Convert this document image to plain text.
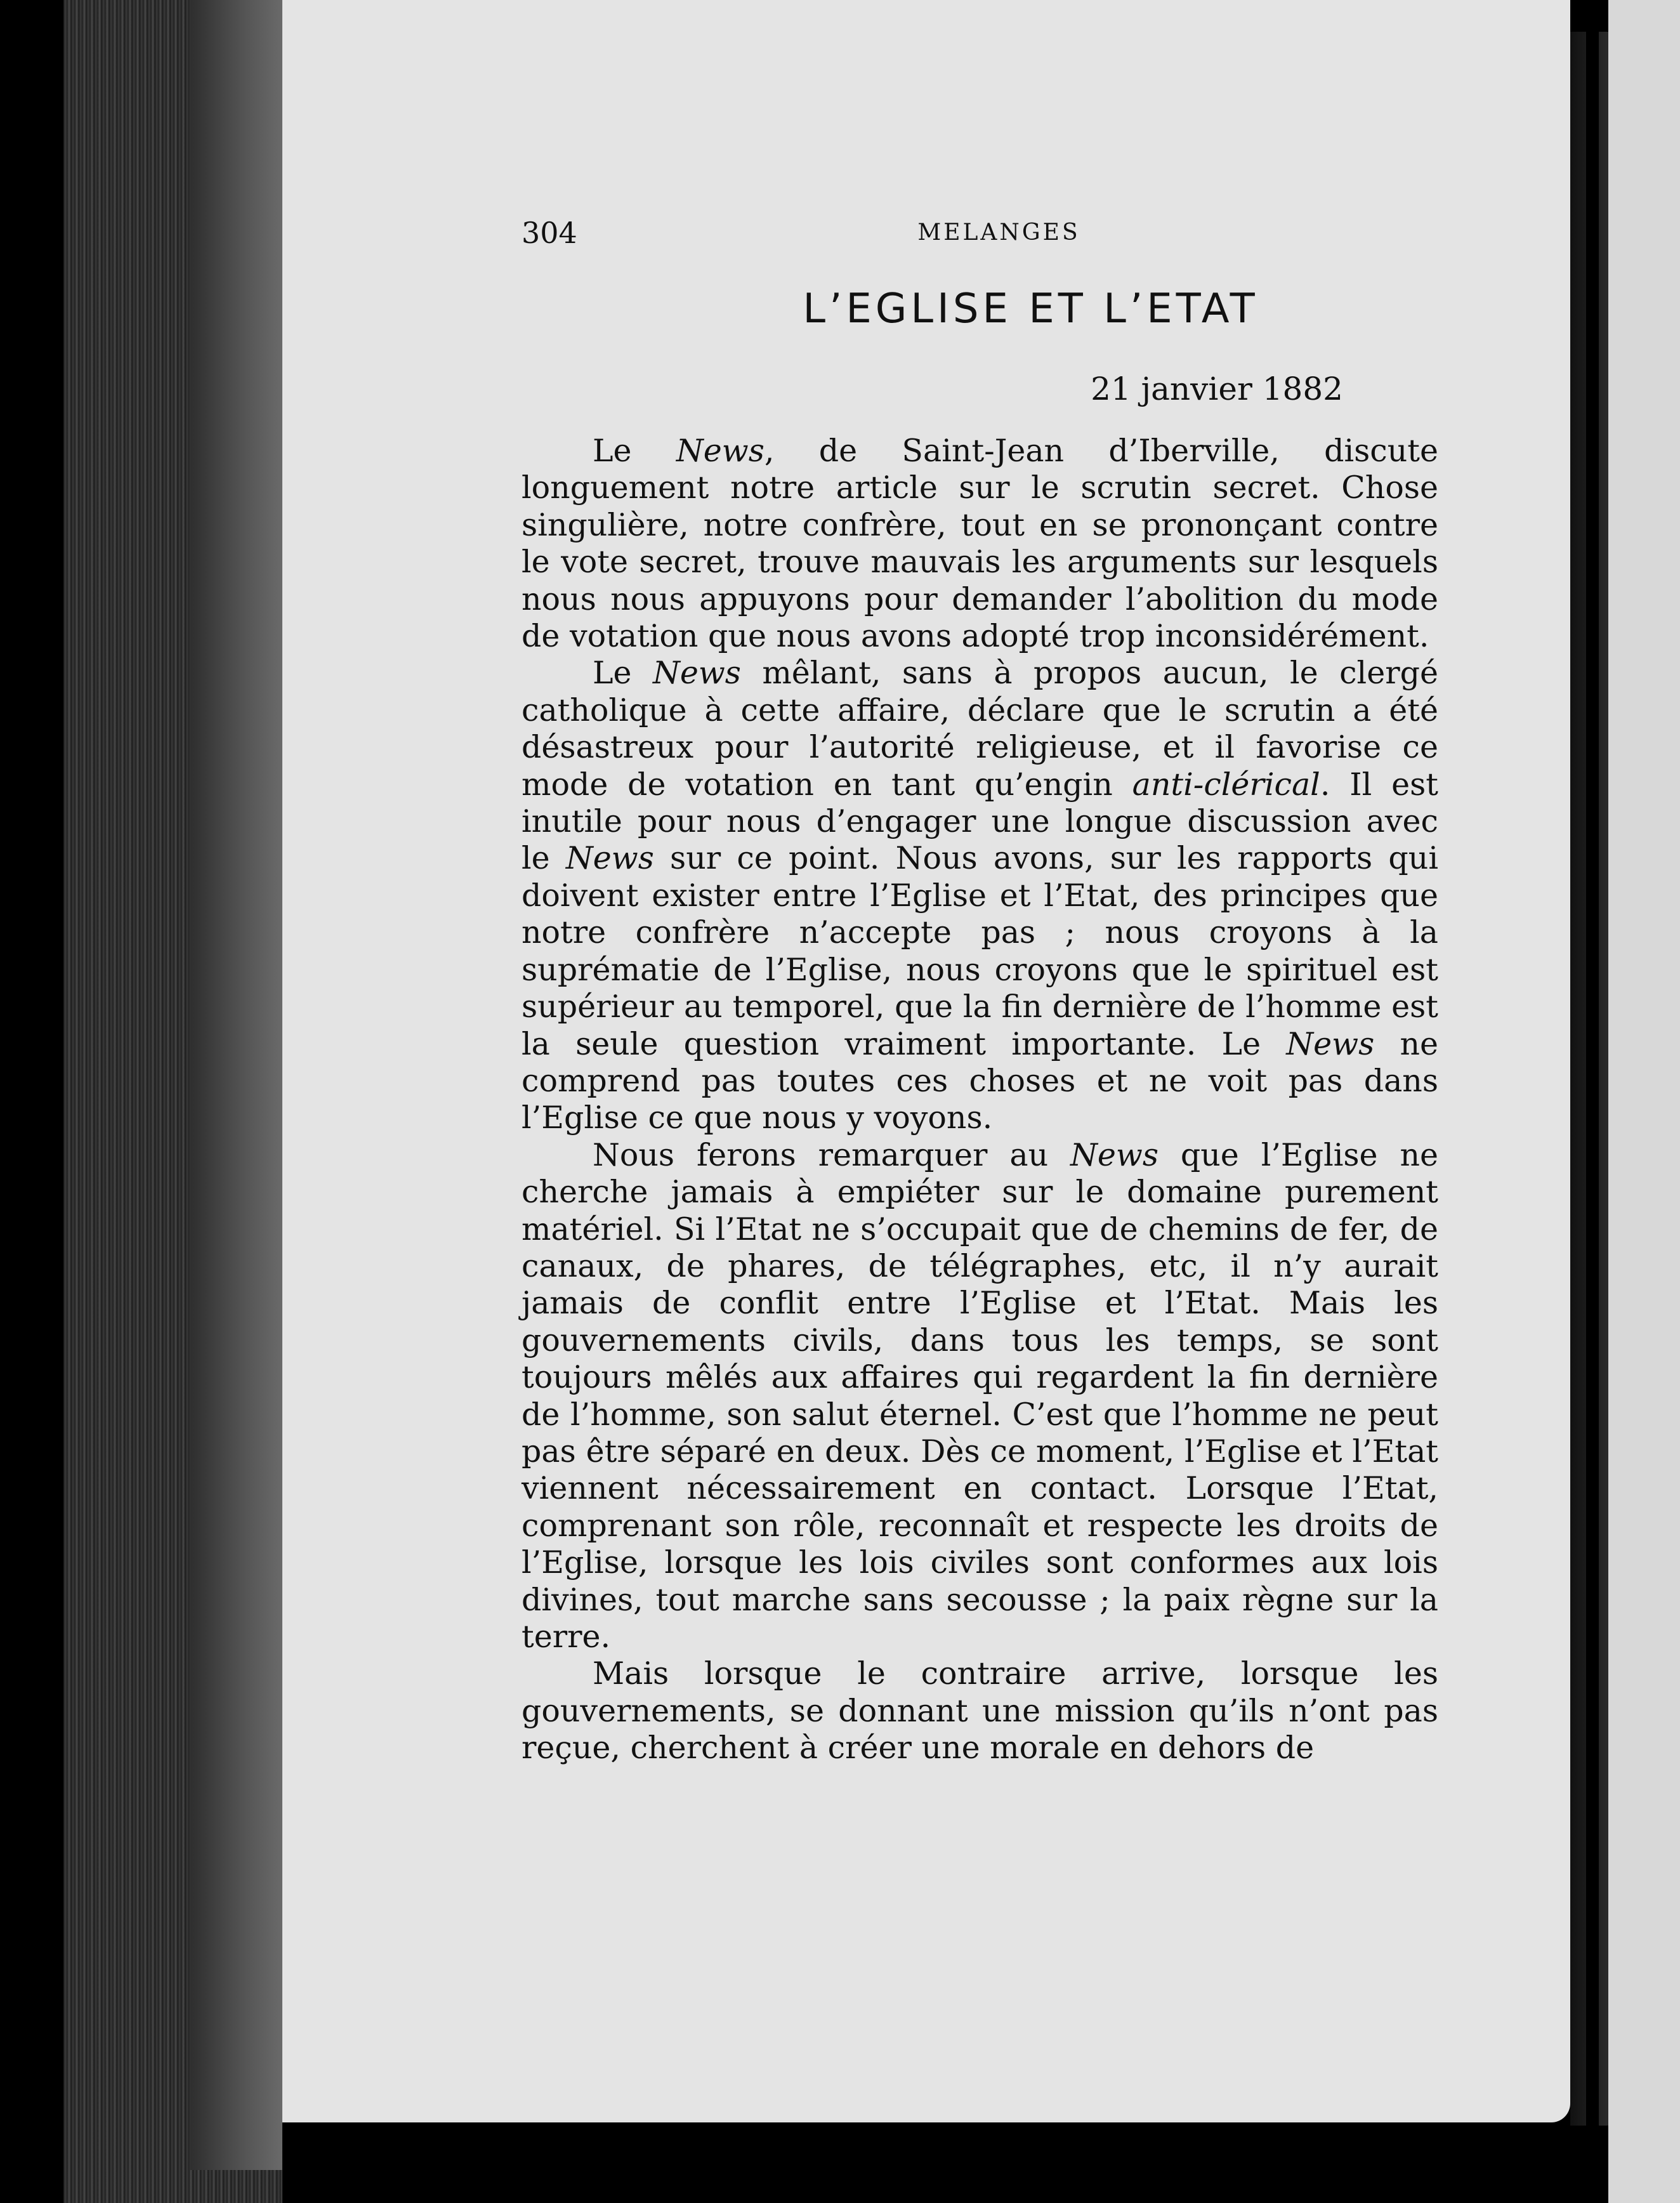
304	MELANGES
L’EGLISE ET L’ETAT
21 janvier 1882

Le News, de Saint-Jean d’Iberville, discute longuement notre article sur le scrutin secret. Chose singulière, notre confrère, tout en se prononçant contre le vote secret, trouve mauvais les arguments sur lesquels nous nous appuyons pour demander l’abolition du mode de votation que nous avons adopté trop inconsidérément.

Le News mêlant, sans à propos aucun, le clergé catholique à cette affaire, déclare que le scrutin a été désastreux pour l’autorité religieuse, et il favorise ce mode de votation en tant qu’engin anti-clérical. Il est inutile pour nous d’engager une longue discussion avec le News sur ce point. Nous avons, sur les rapports qui doivent exister entre l’Eglise et l’Etat, des principes que notre confrère n’accepte pas ; nous croyons à la suprématie de l’Eglise, nous croyons que le spirituel est supérieur au temporel, que la fin dernière de l’homme est la seule question vraiment importante. Le News ne comprend pas toutes ces choses et ne voit pas dans l’Eglise ce que nous y voyons.

Nous ferons remarquer au News que l’Eglise ne cherche jamais à empiéter sur le domaine purement matériel. Si l’Etat ne s’occupait que de chemins de fer, de canaux, de phares, de télégraphes, etc, il n’y aurait jamais de conflit entre l’Eglise et l’Etat. Mais les gouvernements civils, dans tous les temps, se sont toujours mêlés aux affaires qui regardent la fin dernière de l’homme, son salut éternel. C’est que l’homme ne peut pas être séparé en deux. Dès ce moment, l’Eglise et l’Etat viennent nécessairement en contact. Lorsque l’Etat, comprenant son rôle, reconnaît et respecte les droits de l’Eglise, lorsque les lois civiles sont conformes aux lois divines, tout marche sans secousse ; la paix règne sur la terre.

Mais lorsque le contraire arrive, lorsque les gouvernements, se donnant une mission qu’ils n’ont pas reçue, cherchent à créer une morale en dehors de
